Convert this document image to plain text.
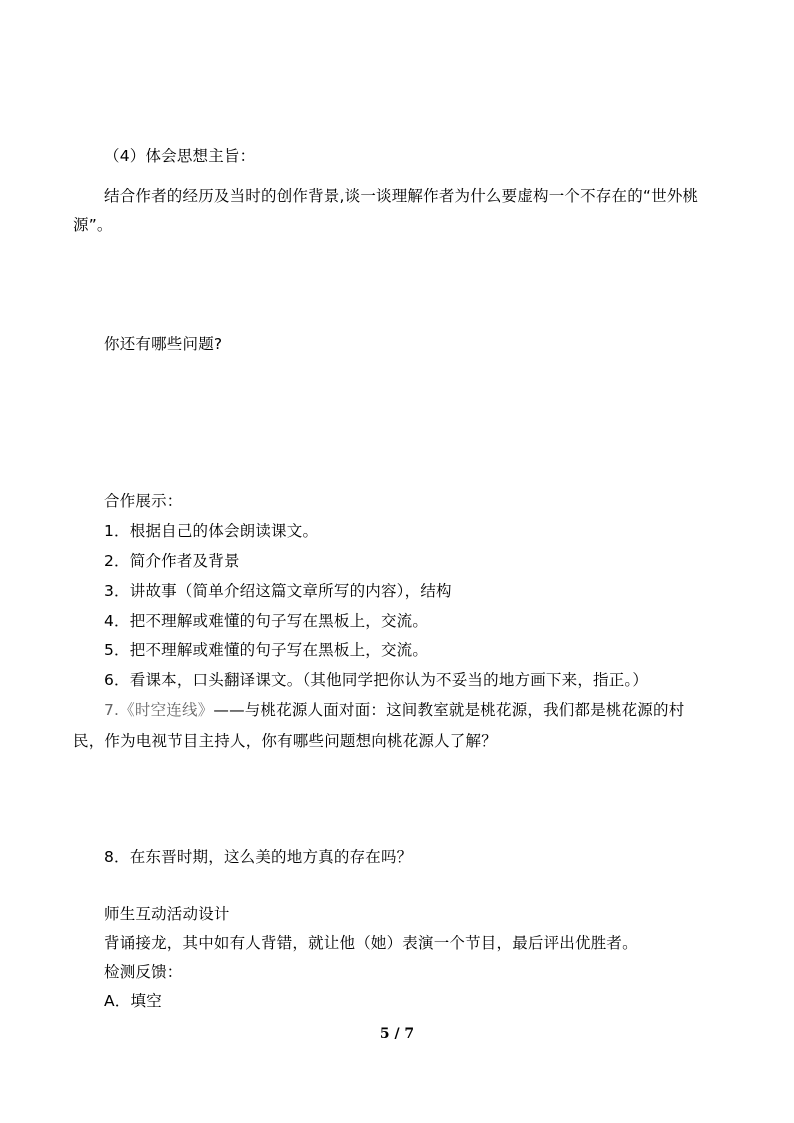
（4）体会思想主旨：
结合作者的经历及当时的创作背景,谈一谈理解作者为什么要虚构一个不存在的“世外桃
源”。
你还有哪些问题?
合作展示：
1．根据自己的体会朗读课文。
2．简介作者及背景
3．讲故事（简单介绍这篇文章所写的内容），结构
4．把不理解或难懂的句子写在黑板上，交流。
5．把不理解或难懂的句子写在黑板上，交流。
6．看课本，口头翻译课文。（其他同学把你认为不妥当的地方画下来，指正。）
7.《时空连线》——与桃花源人面对面：这间教室就是桃花源，我们都是桃花源的村
民，作为电视节目主持人，你有哪些问题想向桃花源人了解？
8．在东晋时期，这么美的地方真的存在吗？
师生互动活动设计
背诵接龙，其中如有人背错，就让他（她）表演一个节目，最后评出优胜者。
检测反馈：
A．填空
5 / 7
